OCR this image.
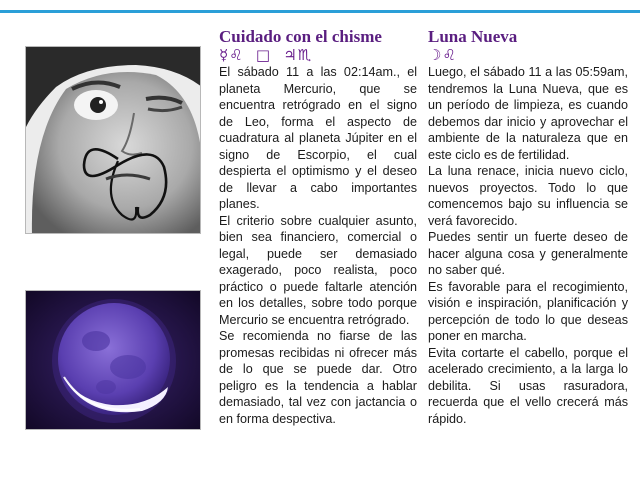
Cuidado con el chisme
☿♌ □ ♃♏

El sábado 11 a las 02:14am., el planeta Mercurio, que se encuentra retrógrado en el signo de Leo, forma el aspecto de cuadratura al planeta Júpiter en el signo de Escorpio, el cual despierta el optimismo y el deseo de llevar a cabo importantes planes.

El criterio sobre cualquier asunto, bien sea financiero, comercial o legal, puede ser demasiado exagerado, poco realista, poco práctico o puede faltarle atención en los detalles, sobre todo porque Mercurio se encuentra retrógrado.

Se recomienda no fiarse de las promesas recibidas ni ofrecer más de lo que se puede dar. Otro peligro es la tendencia a hablar demasiado, tal vez con jactancia o en forma despectiva.

Luna Nueva
☽♌

Luego, el sábado 11 a las 05:59am, tendremos la Luna Nueva, que es un período de limpieza, es cuando debemos dar inicio y aprovechar el ambiente de la naturaleza que en este ciclo es de fertilidad.

La luna renace, inicia nuevo ciclo, nuevos proyectos. Todo lo que comencemos bajo su influencia se verá favorecido.

Puedes sentir un fuerte deseo de hacer alguna cosa y generalmente no saber qué.

Es favorable para el recogimiento, visión e inspiración, planificación y percepción de todo lo que deseas poner en marcha.

Evita cortarte el cabello, porque el acelerado crecimiento, a la larga lo debilita. Si usas rasuradora, recuerda que el vello crecerá más rápido.
